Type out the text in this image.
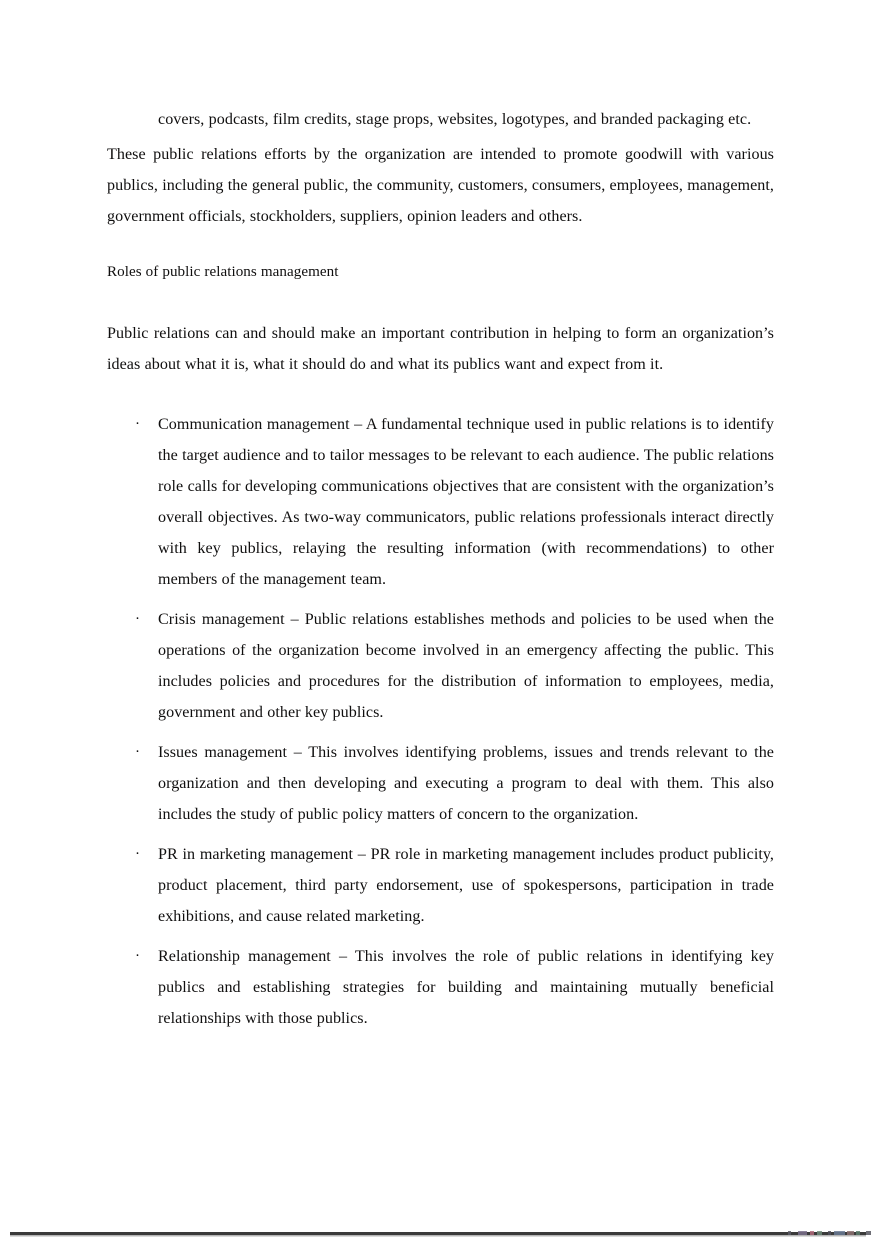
covers, podcasts, film credits, stage props, websites, logotypes, and branded packaging etc.

These public relations efforts by the organization are intended to promote goodwill with various publics, including the general public, the community, customers, consumers, employees, management, government officials, stockholders, suppliers, opinion leaders and others.

Roles of public relations management

Public relations can and should make an important contribution in helping to form an organization’s ideas about what it is, what it should do and what its publics want and expect from it.

· Communication management – A fundamental technique used in public relations is to identify the target audience and to tailor messages to be relevant to each audience. The public relations role calls for developing communications objectives that are consistent with the organization’s overall objectives. As two-way communicators, public relations professionals interact directly with key publics, relaying the resulting information (with recommendations) to other members of the management team.
· Crisis management – Public relations establishes methods and policies to be used when the operations of the organization become involved in an emergency affecting the public. This includes policies and procedures for the distribution of information to employees, media, government and other key publics.
· Issues management – This involves identifying problems, issues and trends relevant to the organization and then developing and executing a program to deal with them. This also includes the study of public policy matters of concern to the organization.
· PR in marketing management – PR role in marketing management includes product publicity, product placement, third party endorsement, use of spokespersons, participation in trade exhibitions, and cause related marketing.
· Relationship management – This involves the role of public relations in identifying key publics and establishing strategies for building and maintaining mutually beneficial relationships with those publics.
